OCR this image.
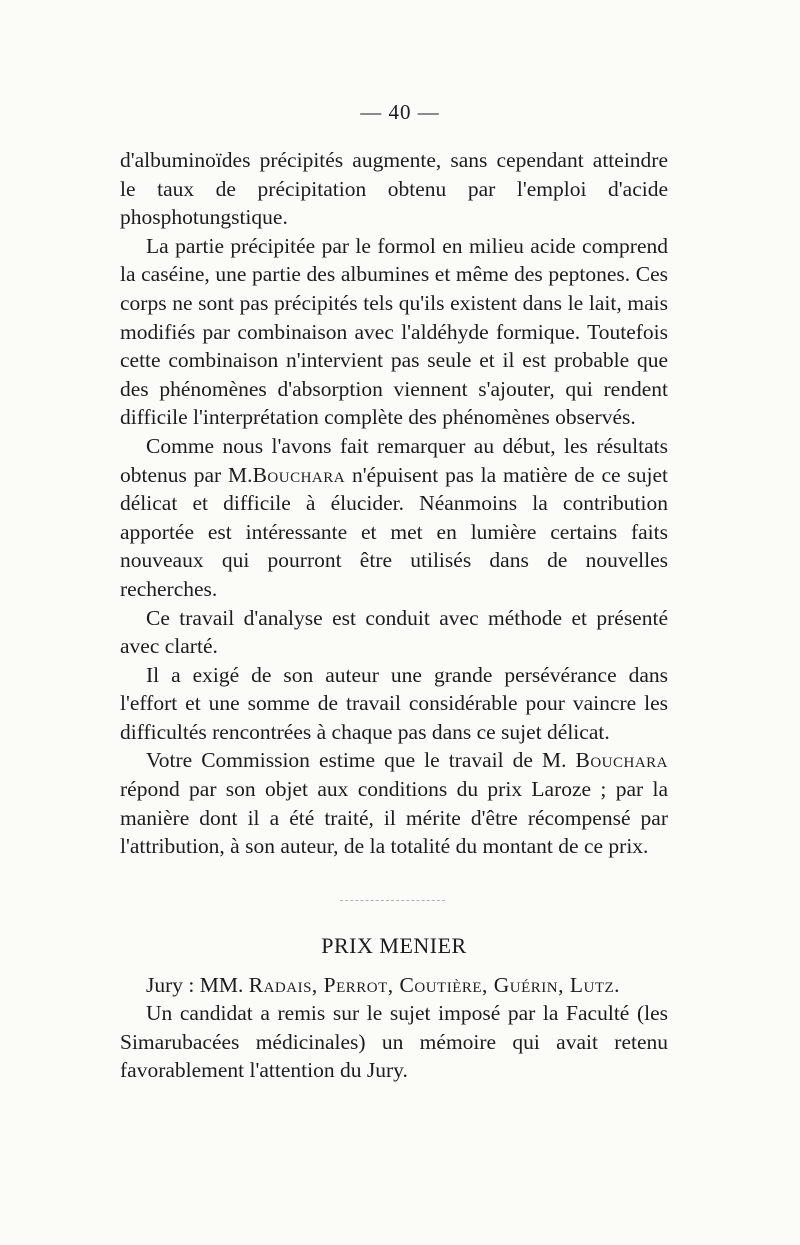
— 40 —

d'albuminoïdes précipités augmente, sans cependant atteindre le taux de précipitation obtenu par l'emploi d'acide phosphotungstique.

La partie précipitée par le formol en milieu acide comprend la caséine, une partie des albumines et même des peptones. Ces corps ne sont pas précipités tels qu'ils existent dans le lait, mais modifiés par combinaison avec l'aldéhyde formique. Toutefois cette combinaison n'intervient pas seule et il est probable que des phénomènes d'absorption viennent s'ajouter, qui rendent difficile l'interprétation complète des phénomènes observés.

Comme nous l'avons fait remarquer au début, les résultats obtenus par M.Bouchara n'épuisent pas la matière de ce sujet délicat et difficile à élucider. Néanmoins la contribution apportée est intéressante et met en lumière certains faits nouveaux qui pourront être utilisés dans de nouvelles recherches.

Ce travail d'analyse est conduit avec méthode et présenté avec clarté.

Il a exigé de son auteur une grande persévérance dans l'effort et une somme de travail considérable pour vaincre les difficultés rencontrées à chaque pas dans ce sujet délicat.

Votre Commission estime que le travail de M. Bouchara répond par son objet aux conditions du prix Laroze ; par la manière dont il a été traité, il mérite d'être récompensé par l'attribution, à son auteur, de la totalité du montant de ce prix.

PRIX MENIER

Jury : MM. Radais, Perrot, Coutière, Guérin, Lutz.

Un candidat a remis sur le sujet imposé par la Faculté (les Simarubacées médicinales) un mémoire qui avait retenu favorablement l'attention du Jury.
